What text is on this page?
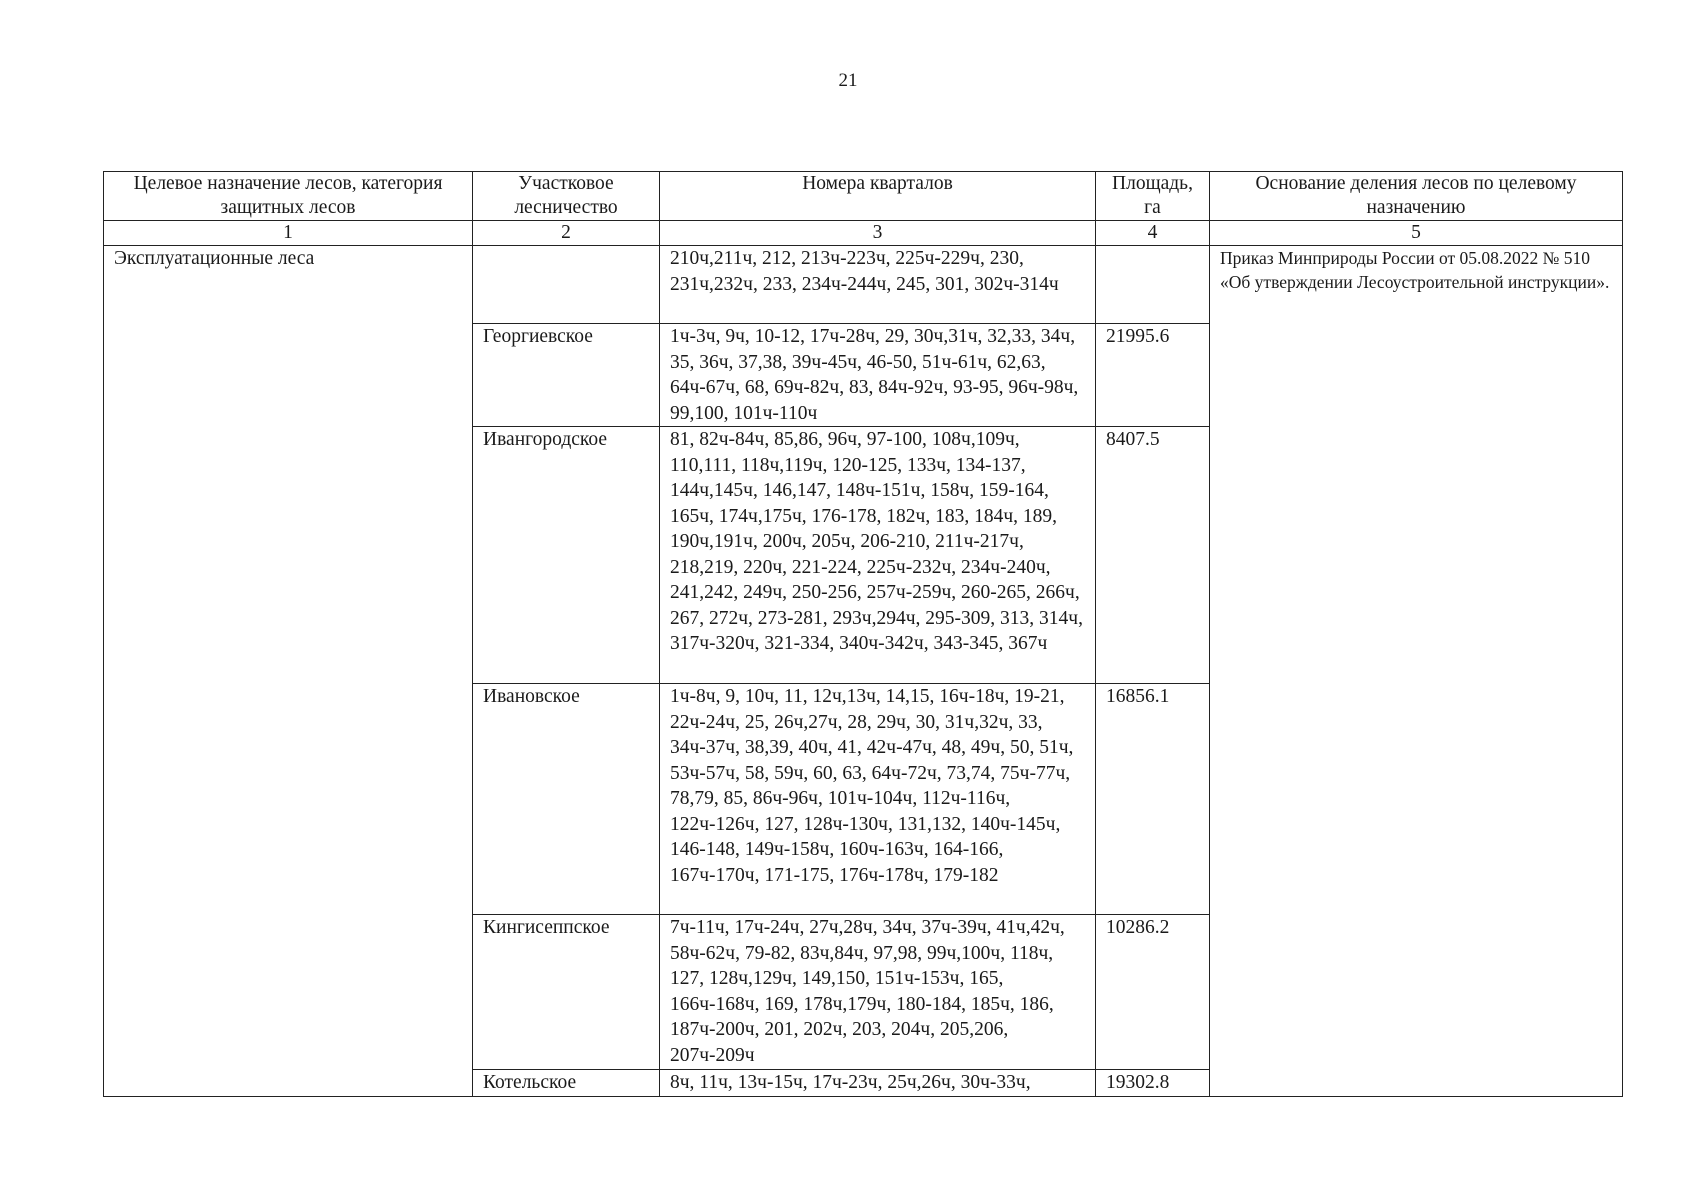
21
Целевое назначение лесов, категория защитных лесов	Участковое лесничество	Номера кварталов	Площадь, га	Основание деления лесов по целевому назначению
1	2	3	4	5
Эксплуатационные леса		210ч,211ч, 212, 213ч-223ч, 225ч-229ч, 230, 231ч,232ч, 233, 234ч-244ч, 245, 301, 302ч-314ч		Приказ Минприроды России от 05.08.2022 № 510 «Об утверждении Лесоустроительной инструкции».
	Георгиевское	1ч-3ч, 9ч, 10-12, 17ч-28ч, 29, 30ч,31ч, 32,33, 34ч, 35, 36ч, 37,38, 39ч-45ч, 46-50, 51ч-61ч, 62,63, 64ч-67ч, 68, 69ч-82ч, 83, 84ч-92ч, 93-95, 96ч-98ч, 99,100, 101ч-110ч	21995.6	
	Ивангородское	81, 82ч-84ч, 85,86, 96ч, 97-100, 108ч,109ч, 110,111, 118ч,119ч, 120-125, 133ч, 134-137, 144ч,145ч, 146,147, 148ч-151ч, 158ч, 159-164, 165ч, 174ч,175ч, 176-178, 182ч, 183, 184ч, 189, 190ч,191ч, 200ч, 205ч, 206-210, 211ч-217ч, 218,219, 220ч, 221-224, 225ч-232ч, 234ч-240ч, 241,242, 249ч, 250-256, 257ч-259ч, 260-265, 266ч, 267, 272ч, 273-281, 293ч,294ч, 295-309, 313, 314ч, 317ч-320ч, 321-334, 340ч-342ч, 343-345, 367ч	8407.5	
	Ивановское	1ч-8ч, 9, 10ч, 11, 12ч,13ч, 14,15, 16ч-18ч, 19-21, 22ч-24ч, 25, 26ч,27ч, 28, 29ч, 30, 31ч,32ч, 33, 34ч-37ч, 38,39, 40ч, 41, 42ч-47ч, 48, 49ч, 50, 51ч, 53ч-57ч, 58, 59ч, 60, 63, 64ч-72ч, 73,74, 75ч-77ч, 78,79, 85, 86ч-96ч, 101ч-104ч, 112ч-116ч, 122ч-126ч, 127, 128ч-130ч, 131,132, 140ч-145ч, 146-148, 149ч-158ч, 160ч-163ч, 164-166, 167ч-170ч, 171-175, 176ч-178ч, 179-182	16856.1	
	Кингисеппское	7ч-11ч, 17ч-24ч, 27ч,28ч, 34ч, 37ч-39ч, 41ч,42ч, 58ч-62ч, 79-82, 83ч,84ч, 97,98, 99ч,100ч, 118ч, 127, 128ч,129ч, 149,150, 151ч-153ч, 165, 166ч-168ч, 169, 178ч,179ч, 180-184, 185ч, 186, 187ч-200ч, 201, 202ч, 203, 204ч, 205,206, 207ч-209ч	10286.2	
	Котельское	8ч, 11ч, 13ч-15ч, 17ч-23ч, 25ч,26ч, 30ч-33ч,	19302.8	
